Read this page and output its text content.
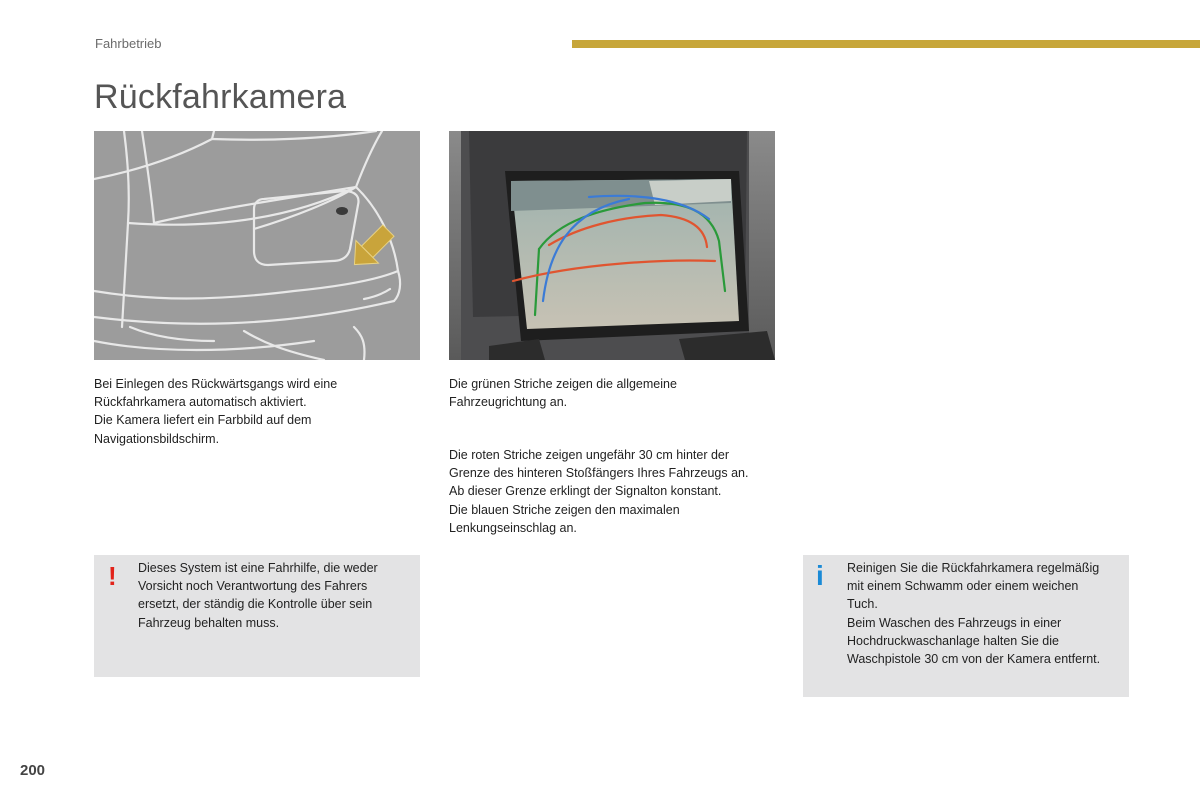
Fahrbetrieb
Rückfahrkamera
Bei Einlegen des Rückwärtsgangs wird eine
Rückfahrkamera automatisch aktiviert.
Die Kamera liefert ein Farbbild auf dem
Navigationsbildschirm.
Die grünen Striche zeigen die allgemeine
Fahrzeugrichtung an.
Die roten Striche zeigen ungefähr 30 cm hinter der
Grenze des hinteren Stoßfängers Ihres Fahrzeugs an.
Ab dieser Grenze erklingt der Signalton konstant.
Die blauen Striche zeigen den maximalen
Lenkungseinschlag an.
! Dieses System ist eine Fahrhilfe, die weder
Vorsicht noch Verantwortung des Fahrers
ersetzt, der ständig die Kontrolle über sein
Fahrzeug behalten muss.
i Reinigen Sie die Rückfahrkamera regelmäßig
mit einem Schwamm oder einem weichen
Tuch.
Beim Waschen des Fahrzeugs in einer
Hochdruckwaschanlage halten Sie die
Waschpistole 30 cm von der Kamera entfernt.
200
